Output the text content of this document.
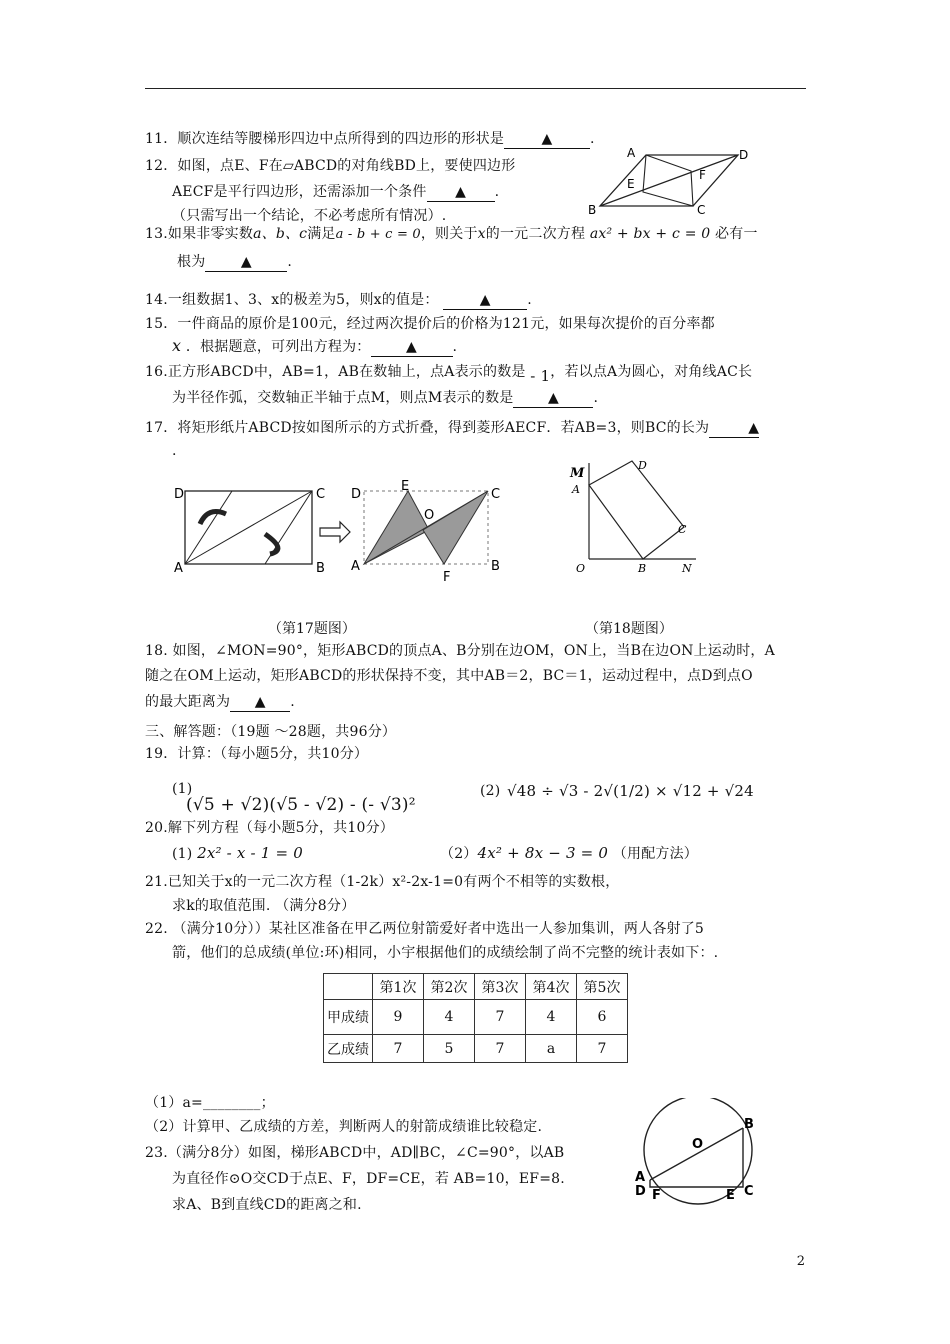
11．顺次连结等腰梯形四边中点所得到的四边形的形状是	▲	.
12．如图，点E、F在▱ABCD的对角线BD上，要使四边形
AECF是平行四边形，还需添加一个条件 ▲ .
（只需写出一个结论，不必考虑所有情况）.
A	D
E
F
B	C
13.如果非零实数a、b、c满足a - b + c = 0，则关于x的一元二次方程 ax² + bx + c = 0 必有一
根为	▲	.
14.一组数据1、3、x的极差为5，则x的值是：	▲	.
15．一件商品的原价是100元，经过两次提价后的价格为121元，如果每次提价的百分率都
x ．根据题意，可列出方程为：	▲	.
16.正方形ABCD中，AB=1，AB在数轴上，点A表示的数是 - 1，若以点A为圆心，对角线AC长
为半径作弧，交数轴正半轴于点M，则点M表示的数是 ▲ .
17．将矩形纸片ABCD按如图所示的方式折叠，得到菱形AECF．若AB=3，则BC的长为	▲
.
D	C
A	B
D
E
C
O
A
F
B
M
A
D
C
O	B	N
（第17题图）	（第18题图）
18. 如图，∠MON=90°，矩形ABCD的顶点A、B分别在边OM，ON上，当B在边ON上运动时，A
随之在OM上运动，矩形ABCD的形状保持不变，其中AB＝2，BC＝1，运动过程中，点D到点O
的最大距离为 ▲ .
三、解答题：（19题 ～28题，共96分）
19．计算：（每小题5分，共10分）
(1)
(√5 + √2)(√5 - √2) - (- √3)²
(2) √48 ÷ √3 - 2√(1/2) × √12 + √24
20.解下列方程（每小题5分，共10分）
(1) 2x² - x - 1 = 0	（2）4x² + 8x − 3 = 0 （用配方法）
21.已知关于x的一元二次方程（1-2k）x²-2x-1=0有两个不相等的实数根，
求k的取值范围. （满分8分）
22. （满分10分））某社区准备在甲乙两位射箭爱好者中选出一人参加集训，两人各射了5
箭，他们的总成绩(单位:环)相同，小宇根据他们的成绩绘制了尚不完整的统计表如下：.
	第1次	第2次	第3次	第4次	第5次
甲成绩	9	4	7	4	6
乙成绩	7	5	7	a	7
（1）a=________；
（2）计算甲、乙成绩的方差，判断两人的射箭成绩谁比较稳定.
23.（满分8分）如图，梯形ABCD中，AD∥BC，∠C=90°，以AB
为直径作⊙O交CD于点E、F，DF=CE，若 AB=10，EF=8.
求A、B到直线CD的距离之和.
B
O
A
D F	E C
2
